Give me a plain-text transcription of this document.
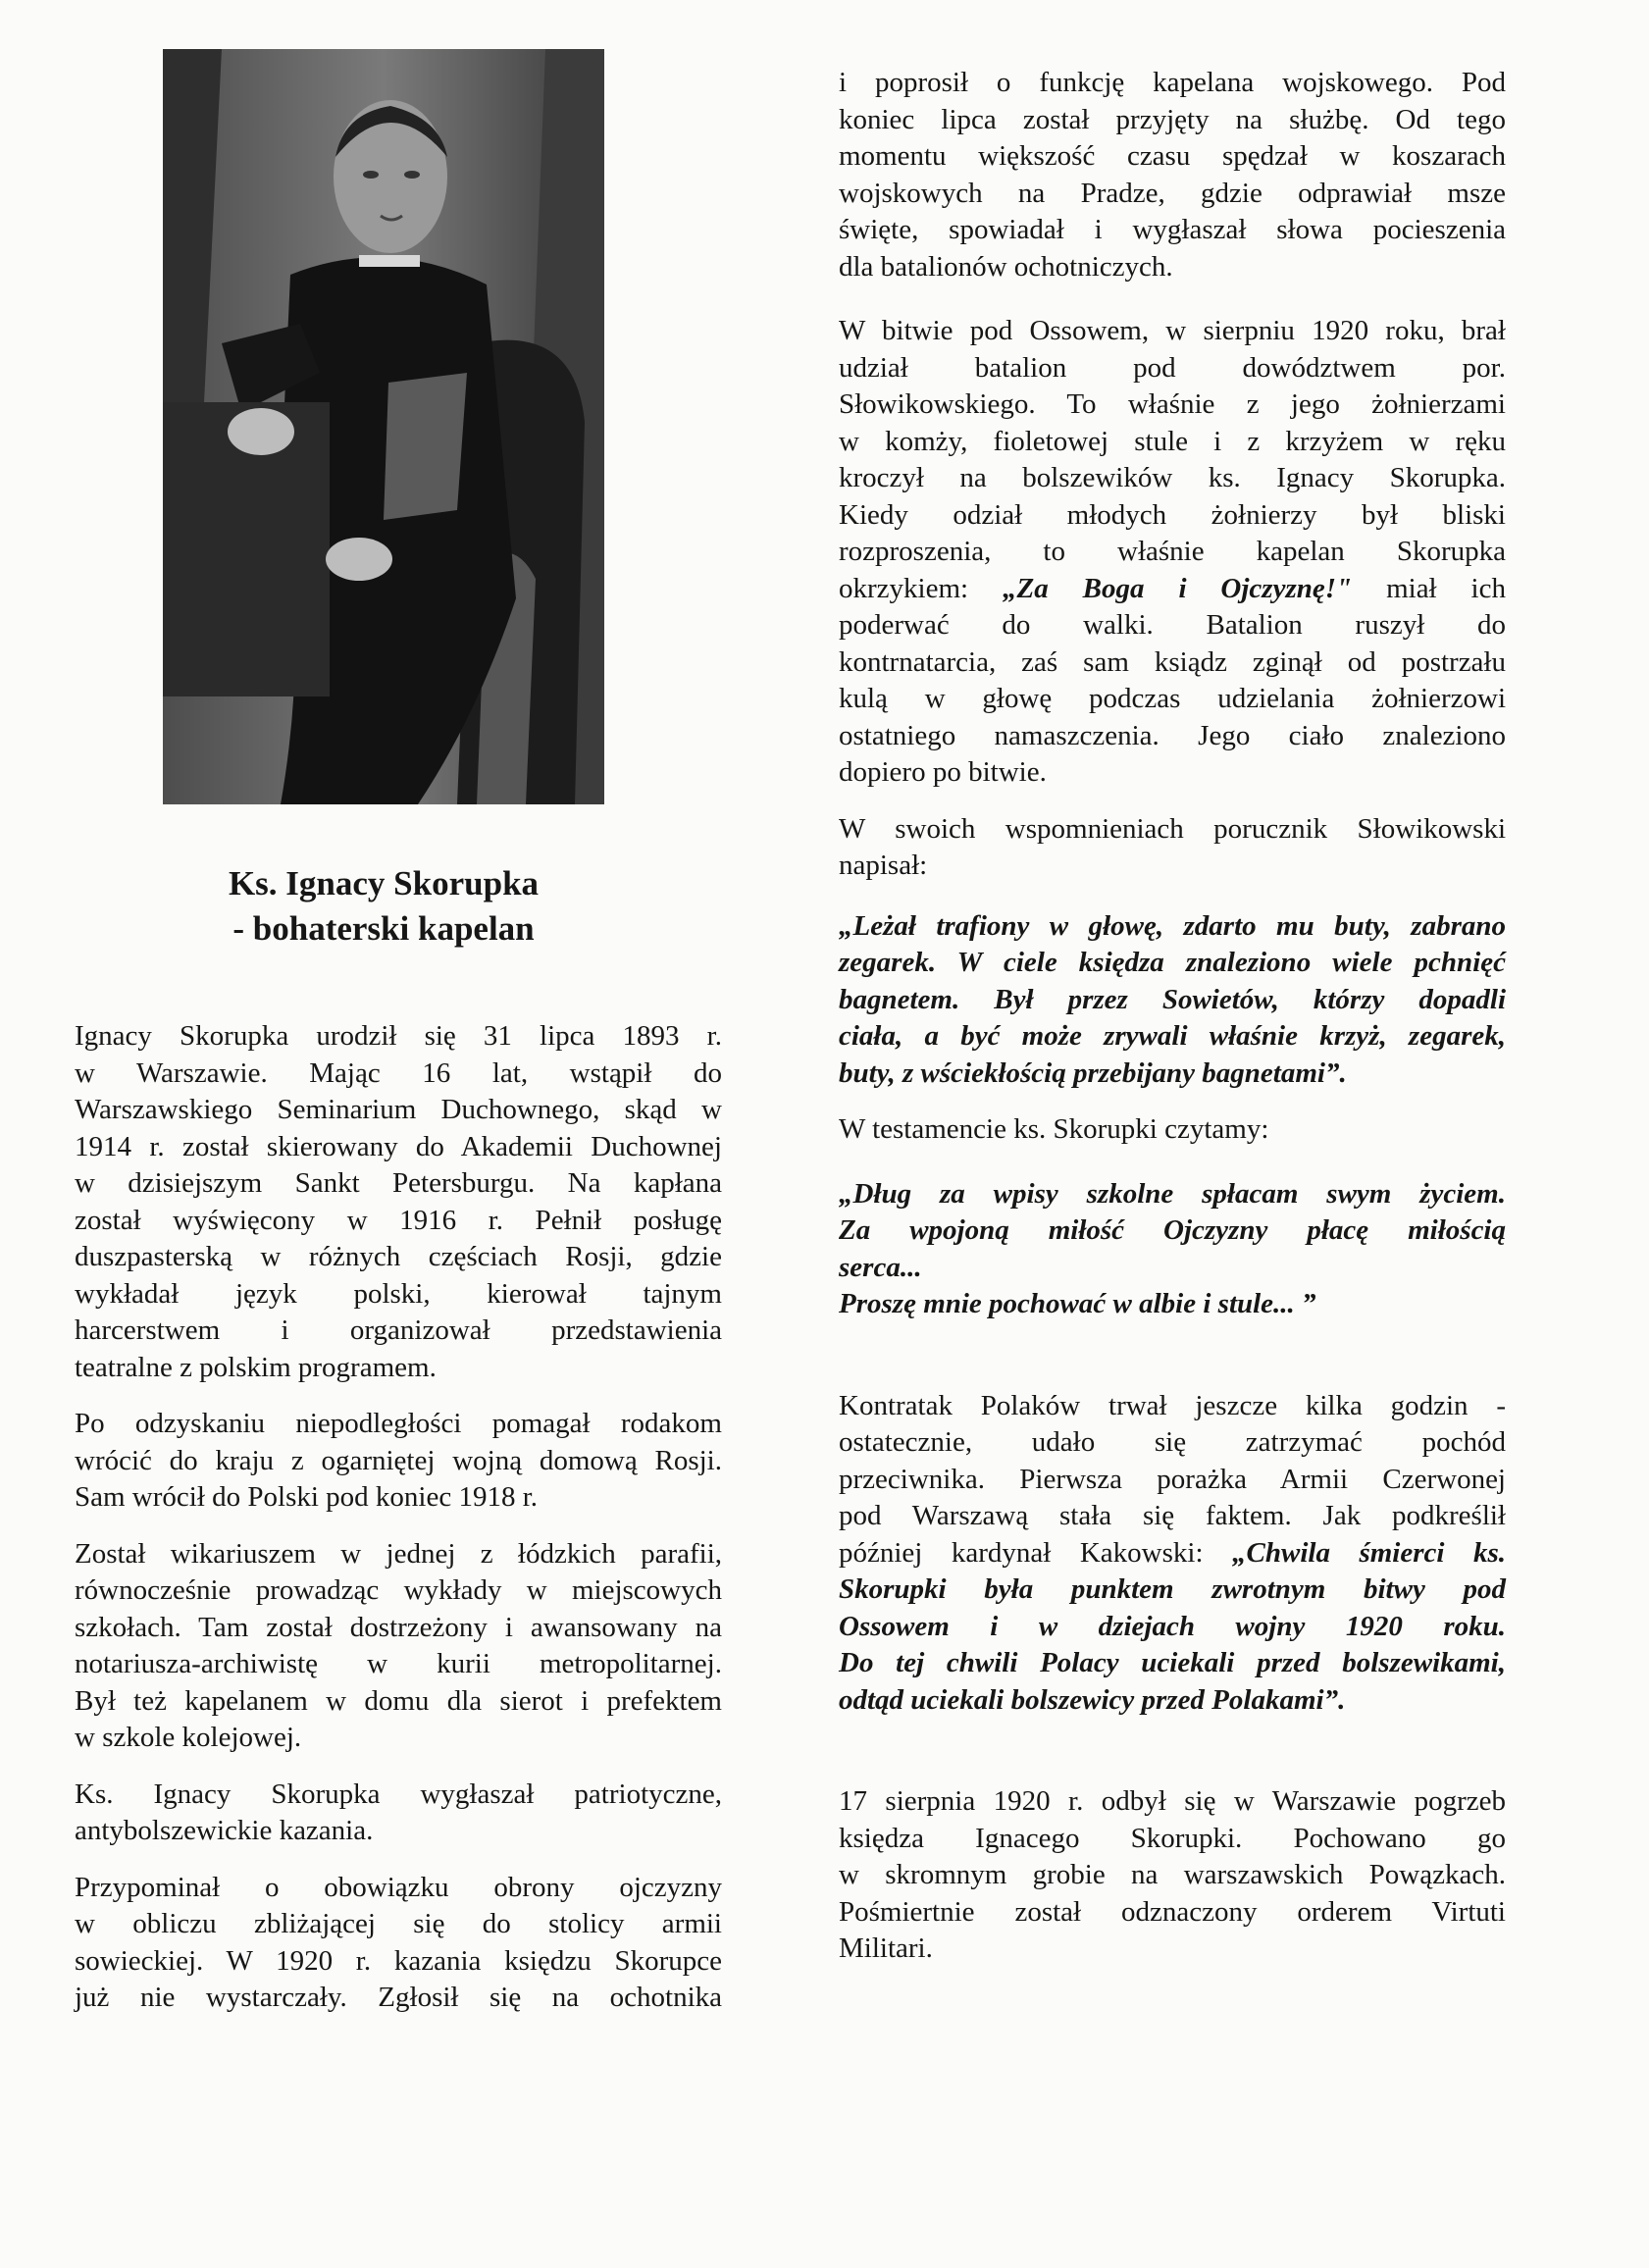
Ks. Ignacy Skorupka
- bohaterski kapelan

Ignacy Skorupka urodził się 31 lipca 1893 r.
w Warszawie. Mając 16 lat, wstąpił do
Warszawskiego Seminarium Duchownego, skąd w
1914 r. został skierowany do Akademii Duchownej
w dzisiejszym Sankt Petersburgu. Na kapłana
został wyświęcony w 1916 r. Pełnił posługę
duszpasterską w różnych częściach Rosji, gdzie
wykładał język polski, kierował tajnym
harcerstwem i organizował przedstawienia
teatralne z polskim programem.

Po odzyskaniu niepodległości pomagał rodakom
wrócić do kraju z ogarniętej wojną domową Rosji.
Sam wrócił do Polski pod koniec 1918 r.

Został wikariuszem w jednej z łódzkich parafii,
równocześnie prowadząc wykłady w miejscowych
szkołach. Tam został dostrzeżony i awansowany na
notariusza-archiwistę w kurii metropolitarnej.
Był też kapelanem w domu dla sierot i prefektem
w szkole kolejowej.

Ks. Ignacy Skorupka wygłaszał patriotyczne,
antybolszewickie kazania.

Przypominał o obowiązku obrony ojczyzny
w obliczu zbliżającej się do stolicy armii
sowieckiej. W 1920 r. kazania księdzu Skorupce
już nie wystarczały. Zgłosił się na ochotnika

i poprosił o funkcję kapelana wojskowego. Pod
koniec lipca został przyjęty na służbę. Od tego
momentu większość czasu spędzał w koszarach
wojskowych na Pradze, gdzie odprawiał msze
święte, spowiadał i wygłaszał słowa pocieszenia
dla batalionów ochotniczych.

W bitwie pod Ossowem, w sierpniu 1920 roku, brał
udział batalion pod dowództwem por.
Słowikowskiego. To właśnie z jego żołnierzami
w komży, fioletowej stule i z krzyżem w ręku
kroczył na bolszewików ks. Ignacy Skorupka.
Kiedy odział młodych żołnierzy był bliski
rozproszenia, to właśnie kapelan Skorupka
okrzykiem: „Za Boga i Ojczyznę!" miał ich
poderwać do walki. Batalion ruszył do
kontrnatarcia, zaś sam ksiądz zginął od postrzału
kulą w głowę podczas udzielania żołnierzowi
ostatniego namaszczenia. Jego ciało znaleziono
dopiero po bitwie.

W swoich wspomnieniach porucznik Słowikowski
napisał:

„Leżał trafiony w głowę, zdarto mu buty, zabrano
zegarek. W ciele księdza znaleziono wiele pchnięć
bagnetem. Był przez Sowietów, którzy dopadli
ciała, a być może zrywali właśnie krzyż, zegarek,
buty, z wściekłością przebijany bagnetami”.

W testamencie ks. Skorupki czytamy:

„Dług za wpisy szkolne spłacam swym życiem.
Za wpojoną miłość Ojczyzny płacę miłością
serca...
Proszę mnie pochować w albie i stule... ”

Kontratak Polaków trwał jeszcze kilka godzin -
ostatecznie, udało się zatrzymać pochód
przeciwnika. Pierwsza porażka Armii Czerwonej
pod Warszawą stała się faktem. Jak podkreślił
później kardynał Kakowski: „Chwila śmierci ks.
Skorupki była punktem zwrotnym bitwy pod
Ossowem i w dziejach wojny 1920 roku.
Do tej chwili Polacy uciekali przed bolszewikami,
odtąd uciekali bolszewicy przed Polakami”.

17 sierpnia 1920 r. odbył się w Warszawie pogrzeb
księdza Ignacego Skorupki. Pochowano go
w skromnym grobie na warszawskich Powązkach.
Pośmiertnie został odznaczony orderem Virtuti
Militari.
